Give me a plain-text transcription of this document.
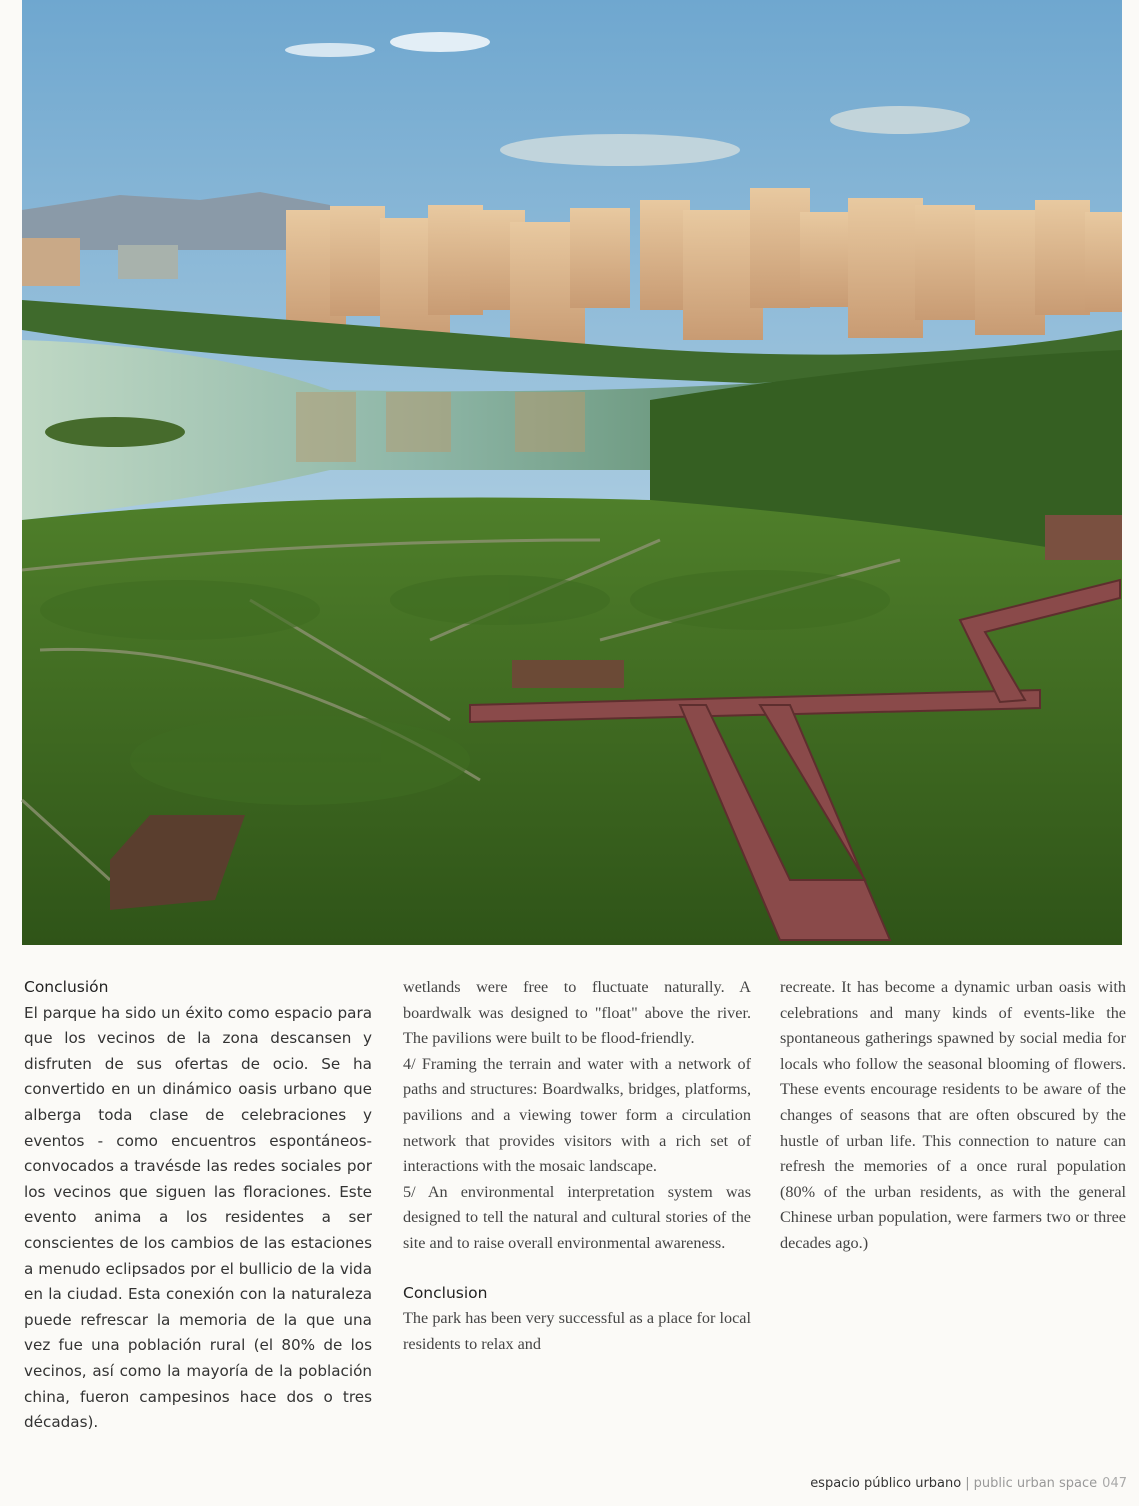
Conclusión

El parque ha sido un éxito como espacio para que los vecinos de la zona descansen y disfruten de sus ofertas de ocio. Se ha convertido en un dinámico oasis urbano que alberga toda clase de celebraciones y eventos - como encuentros espontáneos- convocados a travésde las redes sociales por los vecinos que siguen las floraciones. Este evento anima a los residentes a ser conscientes de los cambios de las estaciones a menudo eclipsados por el bullicio de la vida en la ciudad. Esta conexión con la naturaleza puede refrescar la memoria de la que una vez fue una población rural (el 80% de los vecinos, así como la mayoría de la población china, fueron campesinos hace dos o tres décadas).

wetlands were free to fluctuate naturally. A boardwalk was designed to "float" above the river. The pavilions were built to be flood-friendly.

4/ Framing the terrain and water with a network of paths and structures: Boardwalks, bridges, platforms, pavilions and a viewing tower form a circulation network that provides visitors with a rich set of interactions with the mosaic landscape.

5/ An environmental interpretation system was designed to tell the natural and cultural stories of the site and to raise overall environmental awareness.

Conclusion

The park has been very successful as a place for local residents to relax and

recreate. It has become a dynamic urban oasis with celebrations and many kinds of events-like the spontaneous gatherings spawned by social media for locals who follow the seasonal blooming of flowers. These events encourage residents to be aware of the changes of seasons that are often obscured by the hustle of urban life. This connection to nature can refresh the memories of a once rural population (80% of the urban residents, as with the general Chinese urban population, were farmers two or three decades ago.)

espacio público urbano | public urban space 047
